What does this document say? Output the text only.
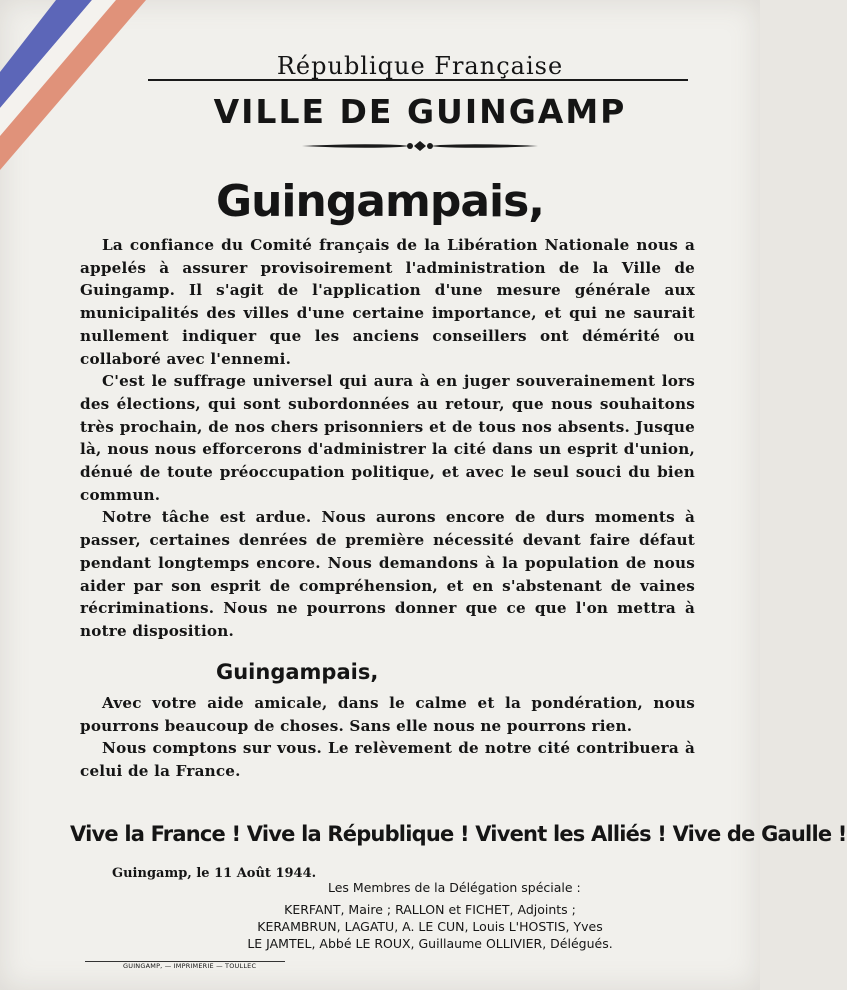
République Française
VILLE DE GUINGAMP
Guingampais,

La confiance du Comité français de la Libération Nationale nous a appelés à assurer provisoirement l'administration de la Ville de Guingamp. Il s'agit de l'application d'une mesure générale aux municipalités des villes d'une certaine importance, et qui ne saurait nullement indiquer que les anciens conseillers ont démérité ou collaboré avec l'ennemi.

C'est le suffrage universel qui aura à en juger souverainement lors des élections, qui sont subordonnées au retour, que nous souhaitons très prochain, de nos chers prisonniers et de tous nos absents. Jusque là, nous nous efforcerons d'administrer la cité dans un esprit d'union, dénué de toute préoccupation politique, et avec le seul souci du bien commun.

Notre tâche est ardue. Nous aurons encore de durs moments à passer, certaines denrées de première nécessité devant faire défaut pendant longtemps encore. Nous demandons à la population de nous aider par son esprit de compréhension, et en s'abstenant de vaines récriminations. Nous ne pourrons donner que ce que l'on mettra à notre disposition.

Guingampais,

Avec votre aide amicale, dans le calme et la pondération, nous pourrons beaucoup de choses. Sans elle nous ne pourrons rien.

Nous comptons sur vous. Le relèvement de notre cité contribuera à celui de la France.

Vive la France ! Vive la République ! Vivent les Alliés ! Vive de Gaulle !
Guingamp, le 11 Août 1944.
Les Membres de la Délégation spéciale :
KERFANT, Maire ; RALLON et FICHET, Adjoints ;
KERAMBRUN, LAGATU, A. LE CUN, Louis L'HOSTIS, Yves
LE JAMTEL, Abbé LE ROUX, Guillaume OLLIVIER, Délégués.
GUINGAMP, — IMPRIMERIE — TOULLEC
